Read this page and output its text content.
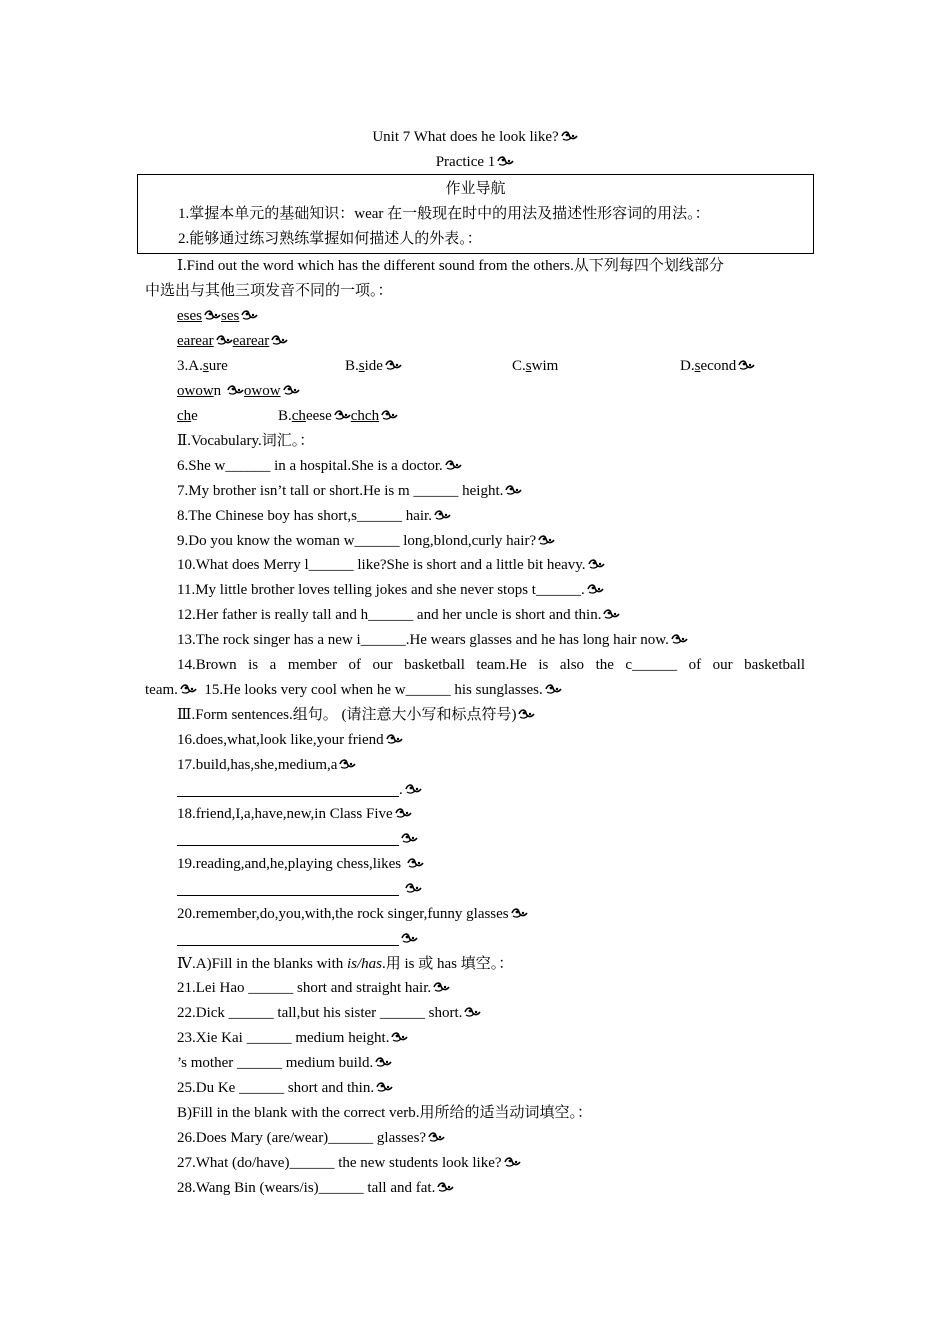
Unit 7 What does he look like?
Practice 1
作业导航
1.掌握本单元的基础知识：wear 在一般现在时中的用法及描述性形容词的用法。：
2.能够通过练习熟练掌握如何描述人的外表。：
Ⅰ.Find out the word which has the different sound from the others.从下列每四个划线部分
中选出与其他三项发音不同的一项。：
eses ses
earear earear
3.A.sure	B.side	C.swim	D.second
owown
owow
che	B.cheese chch
Ⅱ.Vocabulary.词汇。：
6.She w______ in a hospital.She is a doctor.
7.My brother isn’t tall or short.He is m ______ height.
8.The Chinese boy has short,s______ hair.
9.Do you know the woman w______ long,blond,curly hair?
10.What does Merry l______ like?She is short and a little bit heavy.
11.My little brother loves telling jokes and she never stops t______.
12.Her father is really tall and h______ and her uncle is short and thin.
13.The rock singer has a new i______.He wears glasses and he has long hair now.
14.Brown is a member of our basketball team.He is also the c______ of our basketball
team. 15.He looks very cool when he w______ his sunglasses.
Ⅲ.Form sentences.组句。 (请注意大小写和标点符号)
16.does,what,look like,your friend
17.build,has,she,medium,a
.
18.friend,I,a,have,new,in Class Five
19.reading,and,he,playing chess,likes

20.remember,do,you,with,the rock singer,funny glasses
Ⅳ.A)Fill in the blanks with is/has.用 is 或 has 填空。：
21.Lei Hao ______ short and straight hair.
22.Dick ______ tall,but his sister ______ short.
23.Xie Kai ______ medium height.
’s mother ______ medium build.
25.Du Ke ______ short and thin.
B)Fill in the blank with the correct verb.用所给的适当动词填空。：
26.Does Mary (are/wear)______ glasses?
27.What (do/have)______ the new students look like?
28.Wang Bin (wears/is)______ tall and fat.
